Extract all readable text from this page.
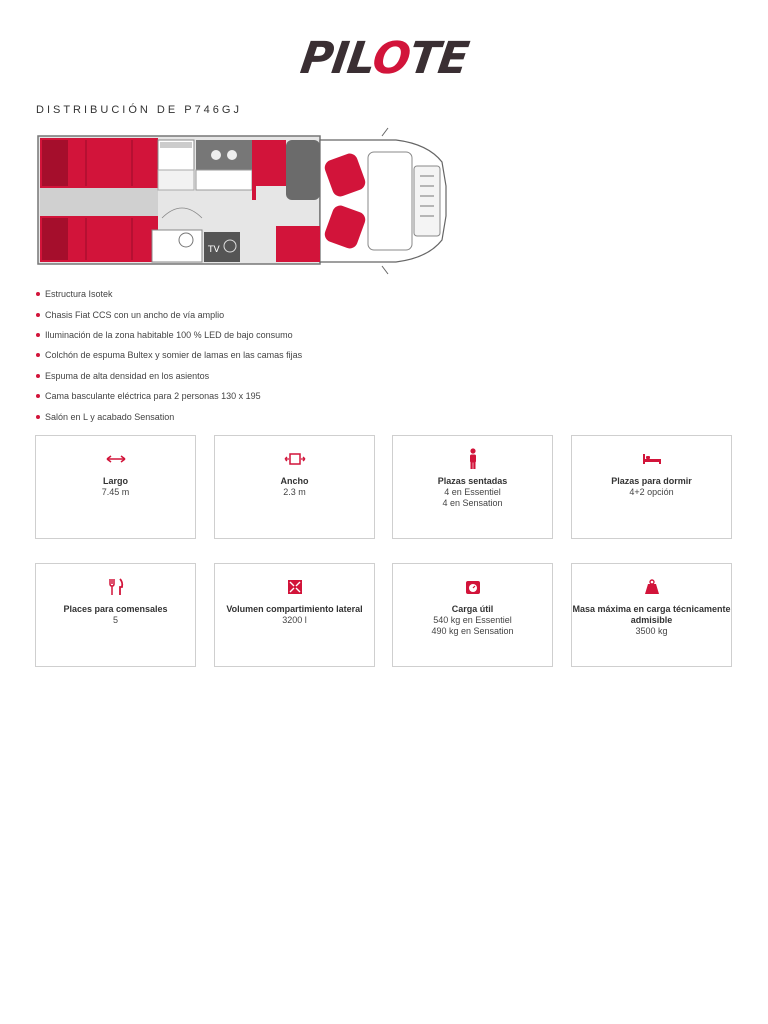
PILOTE
DISTRIBUCIÓN DE P746GJ
TV
Estructura Isotek
Chasis Fiat CCS con un ancho de vía amplio
Iluminación de la zona habitable 100 % LED de bajo consumo
Colchón de espuma Bultex y somier de lamas en las camas fijas
Espuma de alta densidad en los asientos
Cama basculante eléctrica para 2 personas 130 x 195
Salón en L y acabado Sensation
Largo
7.45 m
Ancho
2.3 m
Plazas sentadas
4 en Essentiel
4 en Sensation
Plazas para dormir
4+2 opción
Places para comensales
5
Volumen compartimiento lateral
3200 l
Carga útil
540 kg en Essentiel
490 kg en Sensation
Masa máxima en carga técnicamente admisible
3500 kg
